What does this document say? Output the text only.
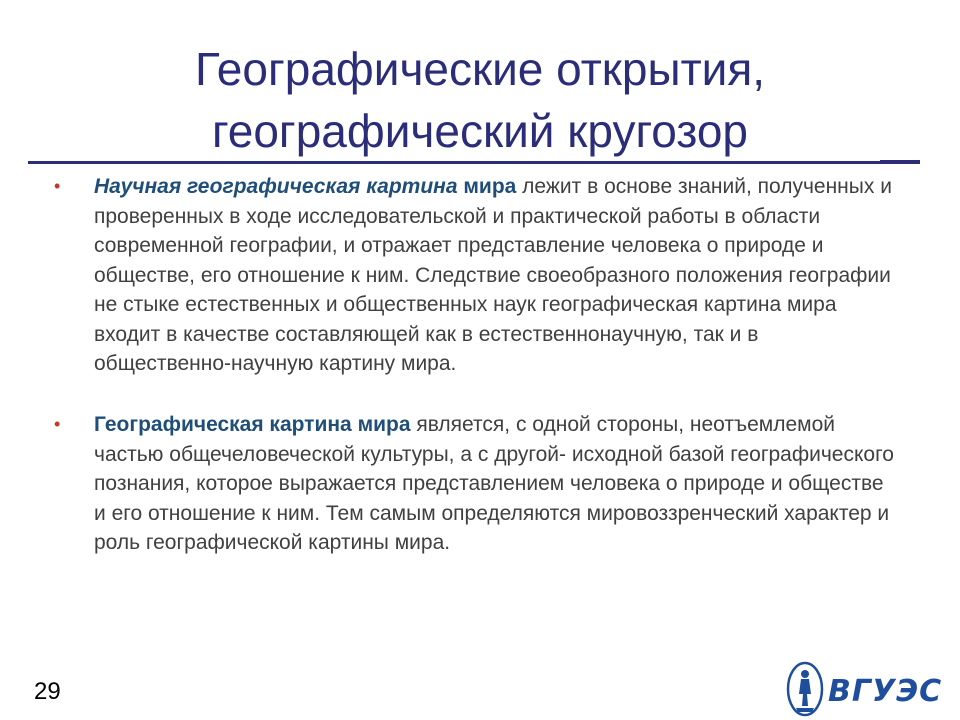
Географические открытия,
географический кругозор
• Научная географическая картина мира лежит в основе знаний, полученных и проверенных в ходе исследовательской и практической работы в области современной географии, и отражает представление человека о природе и обществе, его отношение к ним. Следствие своеобразного положения географии не стыке естественных и общественных наук географическая картина мира входит в качестве составляющей как в естественнонаучную, так и в общественно-научную картину мира.
• Географическая картина мира является, с одной стороны, неотъемлемой частью общечеловеческой культуры, а с другой- исходной базой географического познания, которое выражается представлением человека о природе и обществе и его отношение к ним. Тем самым определяются мировоззренческий характер и роль географической картины мира.
29	ВГУЭС
